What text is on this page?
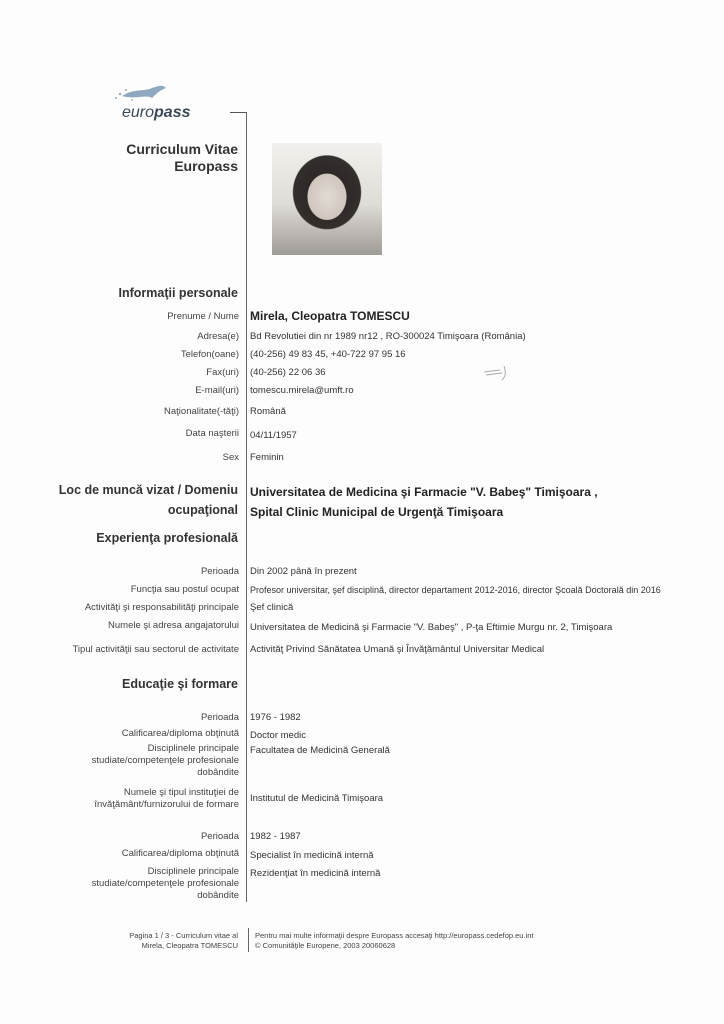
europass
Curriculum Vitae
Europass
Informaţii personale
Prenume / Nume Mirela, Cleopatra TOMESCU
Adresa(e) Bd Revolutiei din nr 1989 nr12 , RO-300024 Timişoara (România)
Telefon(oane) (40-256) 49 83 45, +40-722 97 95 16
Fax(uri) (40-256) 22 06 36
E-mail(uri) tomescu.mirela@umft.ro
Naţionalitate(-tăţi) Română
Data naşterii 04/11/1957
Sex Feminin
Loc de muncă vizat / Domeniu
ocupaţional
Universitatea de Medicina şi Farmacie "V. Babeş" Timişoara ,
Spital Clinic Municipal de Urgenţă Timişoara
Experienţa profesională
Perioada Din 2002 până în prezent
Funcţia sau postul ocupat Profesor universitar, şef disciplină, director departament 2012-2016, director Şcoală Doctorală din 2016
Activităţi şi responsabilităţi principale Şef clinică
Numele şi adresa angajatorului Universitatea de Medicină şi Farmacie "V. Babeş" , P-ţa Eftimie Murgu nr. 2, Timişoara
Tipul activităţii sau sectorul de activitate Activităţ Privind Sănătatea Umană şi Învăţământul Universitar Medical
Educaţie şi formare
Perioada 1976 - 1982
Calificarea/diploma obţinută Doctor medic
Disciplinele principale
studiate/competenţele profesionale
dobândite
Facultatea de Medicină Generală
Numele şi tipul instituţiei de
învăţământ/furnizorului de formare
Institutul de Medicină Timişoara
Perioada 1982 - 1987
Calificarea/diploma obţinută Specialist în medicină internă
Disciplinele principale
studiate/competenţele profesionale
dobândite
Rezidenţiat în medicină internă
Pagina 1 / 3 - Curriculum vitae al
Mirela, Cleopatra TOMESCU
Pentru mai multe informaţii despre Europass accesaţi http://europass.cedefop.eu.int
© Comunităţile Europene, 2003 20060628
